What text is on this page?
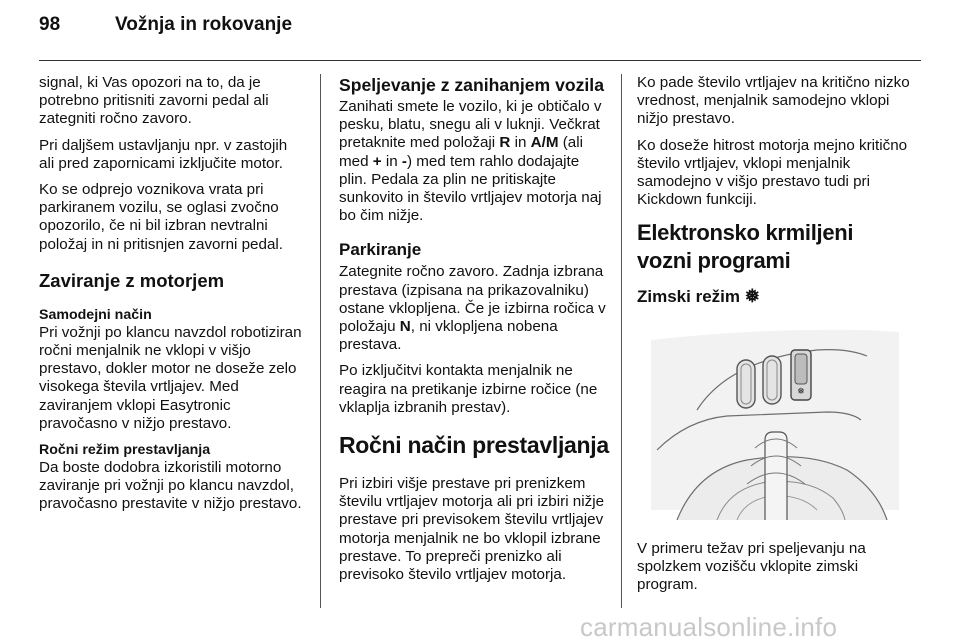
98	Vožnja in rokovanje

signal, ki Vas opozori na to, da je potrebno pritisniti zavorni pedal ali zategniti ročno zavoro.

Pri daljšem ustavljanju npr. v zastojih ali pred zapornicami izključite motor.

Ko se odprejo voznikova vrata pri parkiranem vozilu, se oglasi zvočno opozorilo, če ni bil izbran nevtralni položaj in ni pritisnjen zavorni pedal.

Zaviranje z motorjem
Samodejni način

Pri vožnji po klancu navzdol robotiziran ročni menjalnik ne vklopi v višjo prestavo, dokler motor ne doseže zelo visokega števila vrtljajev. Med zaviranjem vklopi Easytronic pravočasno v nižjo prestavo.

Ročni režim prestavljanja

Da boste dodobra izkoristili motorno zaviranje pri vožnji po klancu navzdol, pravočasno prestavite v nižjo prestavo.

Speljevanje z zanihanjem vozila

Zanihati smete le vozilo, ki je obtičalo v pesku, blatu, snegu ali v luknji. Večkrat pretaknite med položaji R in A/M (ali med + in -) med tem rahlo dodajajte plin. Pedala za plin ne pritiskajte sunkovito in število vrtljajev motorja naj bo čim nižje.

Parkiranje

Zategnite ročno zavoro. Zadnja izbrana prestava (izpisana na prikazovalniku) ostane vklopljena. Če je izbirna ročica v položaju N, ni vklopljena nobena prestava.

Po izključitvi kontakta menjalnik ne reagira na pretikanje izbirne ročice (ne vklaplja izbranih prestav).

Ročni način prestavljanja

Pri izbiri višje prestave pri prenizkem številu vrtljajev motorja ali pri izbiri nižje prestave pri previsokem številu vrtljajev motorja menjalnik ne bo vklopil izbrane prestave. To prepreči prenizko ali previsoko število vrtljajev motorja.

Ko pade število vrtljajev na kritično nizko vrednost, menjalnik samodejno vklopi nižjo prestavo.

Ko doseže hitrost motorja mejno kritično število vrtljajev, vklopi menjalnik samodejno v višjo prestavo tudi pri Kickdown funkciji.

Elektronsko krmiljeni vozni programi
Zimski režim ❅
❅

V primeru težav pri speljevanju na spolzkem vozišču vklopite zimski program.

carmanualsonline.info
